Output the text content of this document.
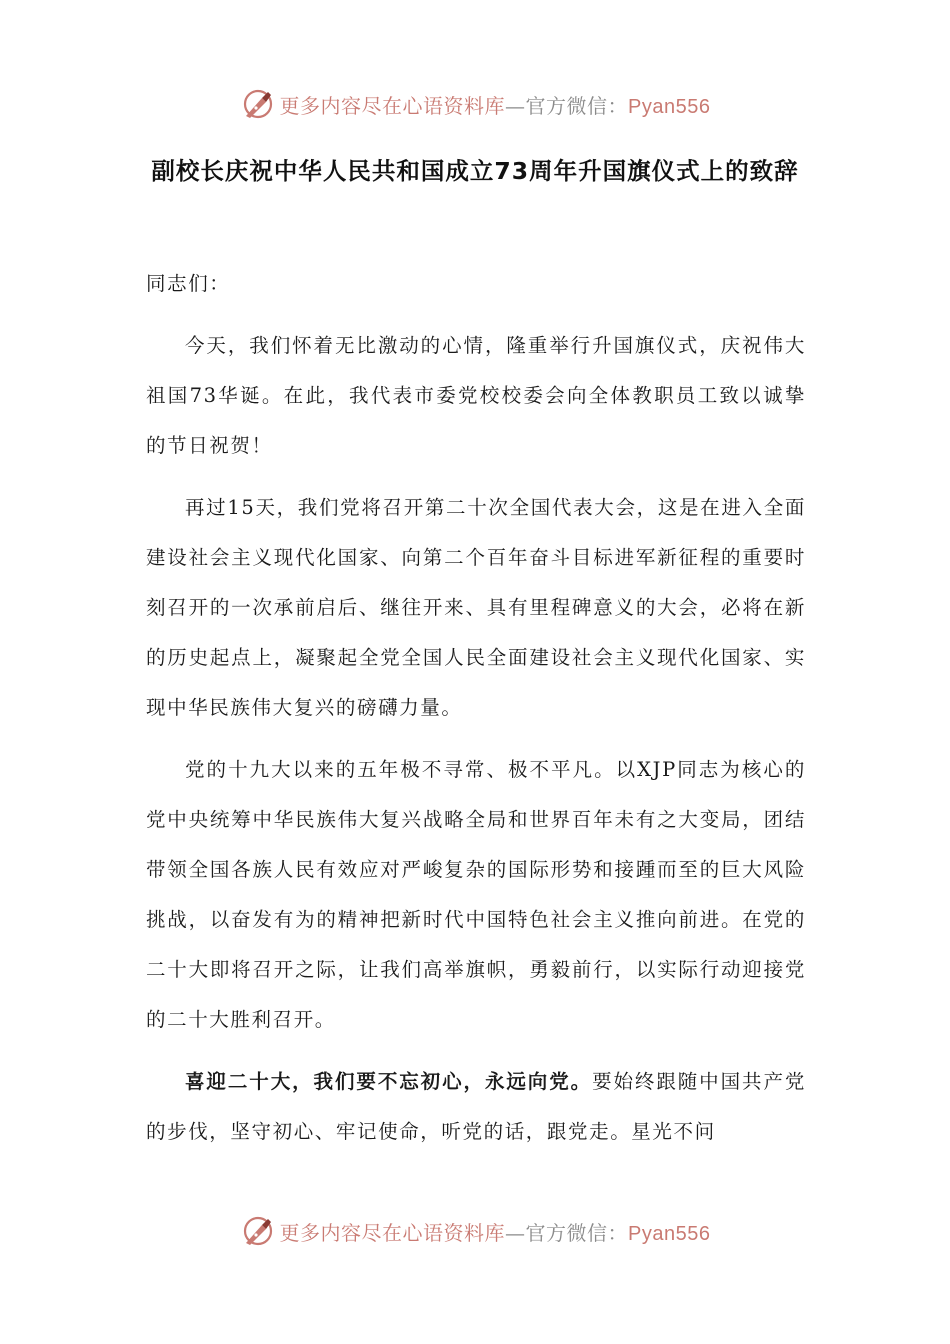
更多内容尽在心语资料库—官方微信：Pyan556
副校长庆祝中华人民共和国成立73周年升国旗仪式上的致辞

同志们：

今天，我们怀着无比激动的心情，隆重举行升国旗仪式，庆祝伟大祖国73华诞。在此，我代表市委党校校委会向全体教职员工致以诚挚的节日祝贺！

再过15天，我们党将召开第二十次全国代表大会，这是在进入全面建设社会主义现代化国家、向第二个百年奋斗目标进军新征程的重要时刻召开的一次承前启后、继往开来、具有里程碑意义的大会，必将在新的历史起点上，凝聚起全党全国人民全面建设社会主义现代化国家、实现中华民族伟大复兴的磅礴力量。

党的十九大以来的五年极不寻常、极不平凡。以XJP同志为核心的党中央统筹中华民族伟大复兴战略全局和世界百年未有之大变局，团结带领全国各族人民有效应对严峻复杂的国际形势和接踵而至的巨大风险挑战，以奋发有为的精神把新时代中国特色社会主义推向前进。在党的二十大即将召开之际，让我们高举旗帜，勇毅前行，以实际行动迎接党的二十大胜利召开。

喜迎二十大，我们要不忘初心，永远向党。要始终跟随中国共产党的步伐，坚守初心、牢记使命，听党的话，跟党走。星光不问

更多内容尽在心语资料库—官方微信：Pyan556
